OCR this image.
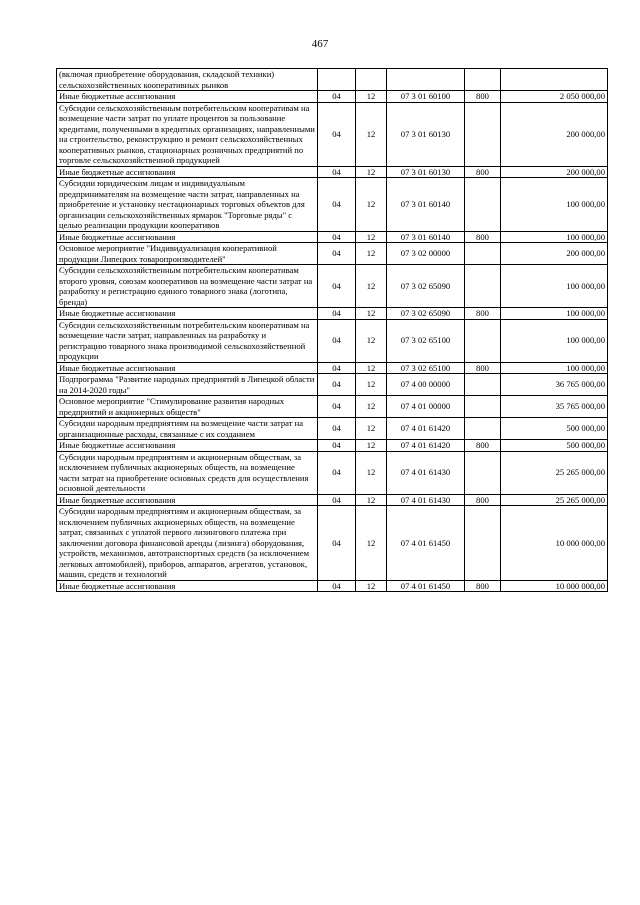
467
(включая приобретение оборудования, складской техники) сельскохозяйственных кооперативных рынков					
Иные бюджетные ассигнования	04	12	07 3 01 60100	800	2 050 000,00
Субсидии сельскохозяйственным потребительским кооперативам на возмещение части затрат по уплате процентов за пользование кредитами, полученными в кредитных организациях, направленными на строительство, реконструкцию и ремонт сельскохозяйственных кооперативных рынков, стационарных розничных предприятий по торговле сельскохозяйственной продукцией	04	12	07 3 01 60130		200 000,00
Иные бюджетные ассигнования	04	12	07 3 01 60130	800	200 000,00
Субсидии юридическим лицам и индивидуальным предпринимателям на возмещение части затрат, направленных на приобретение и установку нестационарных торговых объектов для организации сельскохозяйственных ярмарок "Торговые ряды" с целью реализации продукции кооперативов	04	12	07 3 01 60140		100 000,00
Иные бюджетные ассигнования	04	12	07 3 01 60140	800	100 000,00
Основное мероприятие "Индивидуализация кооперативной продукции Липецких товаропроизводителей"	04	12	07 3 02 00000		200 000,00
Субсидии сельскохозяйственным потребительским кооперативам второго уровня, союзам кооперативов на возмещение части затрат на разработку и регистрацию единого товарного знака (логотипа, бренда)	04	12	07 3 02 65090		100 000,00
Иные бюджетные ассигнования	04	12	07 3 02 65090	800	100 000,00
Субсидии сельскохозяйственным потребительским кооперативам на возмещение части затрат, направленных на разработку и регистрацию товарного знака производимой сельскохозяйственной продукции	04	12	07 3 02 65100		100 000,00
Иные бюджетные ассигнования	04	12	07 3 02 65100	800	100 000,00
Подпрограмма "Развитие народных предприятий в Липецкой области на 2014-2020 годы"	04	12	07 4 00 00000		36 765 000,00
Основное мероприятие "Стимулирование развития народных предприятий и акционерных обществ"	04	12	07 4 01 00000		35 765 000,00
Субсидии народным предприятиям на возмещение части затрат на организационные расходы, связанные с их созданием	04	12	07 4 01 61420		500 000,00
Иные бюджетные ассигнования	04	12	07 4 01 61420	800	500 000,00
Субсидии народным предприятиям и акционерным обществам, за исключением публичных акционерных обществ, на возмещение части затрат на приобретение основных средств для осуществления основной деятельности	04	12	07 4 01 61430		25 265 000,00
Иные бюджетные ассигнования	04	12	07 4 01 61430	800	25 265 000,00
Субсидии народным предприятиям и акционерным обществам, за исключением публичных акционерных обществ, на возмещение затрат, связанных с уплатой первого лизингового платежа при заключении договора финансовой аренды (лизинга) оборудования, устройств, механизмов, автотранспортных средств (за исключением легковых автомобилей), приборов, аппаратов, агрегатов, установок, машин, средств и технологий	04	12	07 4 01 61450		10 000 000,00
Иные бюджетные ассигнования	04	12	07 4 01 61450	800	10 000 000,00
